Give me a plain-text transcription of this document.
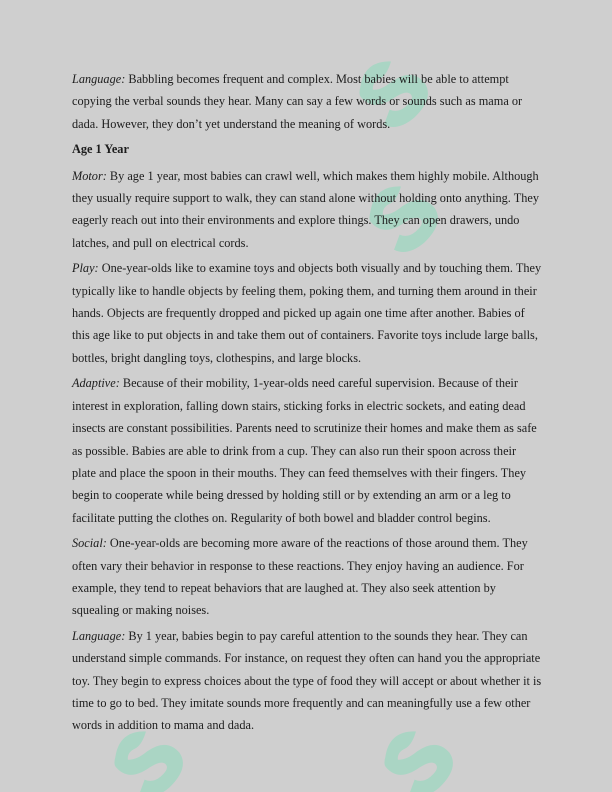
Language: Babbling becomes frequent and complex. Most babies will be able to attempt copying the verbal sounds they hear. Many can say a few words or sounds such as mama or dada. However, they don’t yet understand the meaning of words.

Age 1 Year

Motor: By age 1 year, most babies can crawl well, which makes them highly mobile. Although they usually require support to walk, they can stand alone without holding onto anything. They eagerly reach out into their environments and explore things. They can open drawers, undo latches, and pull on electrical cords.

Play: One-year-olds like to examine toys and objects both visually and by touching them. They typically like to handle objects by feeling them, poking them, and turning them around in their hands. Objects are frequently dropped and picked up again one time after another. Babies of this age like to put objects in and take them out of containers. Favorite toys include large balls, bottles, bright dangling toys, clothespins, and large blocks.

Adaptive: Because of their mobility, 1-year-olds need careful supervision. Because of their interest in exploration, falling down stairs, sticking forks in electric sockets, and eating dead insects are constant possibilities. Parents need to scrutinize their homes and make them as safe as possible. Babies are able to drink from a cup. They can also run their spoon across their plate and place the spoon in their mouths. They can feed themselves with their fingers. They begin to cooperate while being dressed by holding still or by extending an arm or a leg to facilitate putting the clothes on. Regularity of both bowel and bladder control begins.

Social: One-year-olds are becoming more aware of the reactions of those around them. They often vary their behavior in response to these reactions. They enjoy having an audience. For example, they tend to repeat behaviors that are laughed at. They also seek attention by squealing or making noises.

Language: By 1 year, babies begin to pay careful attention to the sounds they hear. They can understand simple commands. For instance, on request they often can hand you the appropriate toy. They begin to express choices about the type of food they will accept or about whether it is time to go to bed. They imitate sounds more frequently and can meaningfully use a few other words in addition to mama and dada.
